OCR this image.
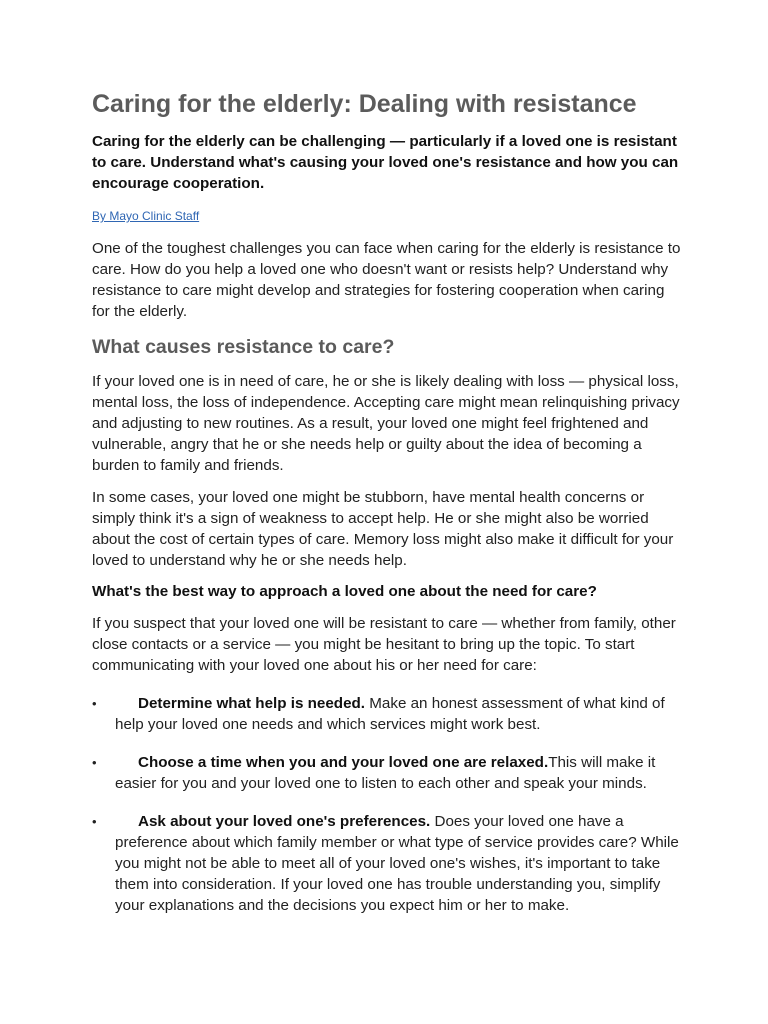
Caring for the elderly: Dealing with resistance

Caring for the elderly can be challenging — particularly if a loved one is resistant to care. Understand what's causing your loved one's resistance and how you can encourage cooperation.

By Mayo Clinic Staff

One of the toughest challenges you can face when caring for the elderly is resistance to care. How do you help a loved one who doesn't want or resists help? Understand why resistance to care might develop and strategies for fostering cooperation when caring for the elderly.

What causes resistance to care?

If your loved one is in need of care, he or she is likely dealing with loss — physical loss, mental loss, the loss of independence. Accepting care might mean relinquishing privacy and adjusting to new routines. As a result, your loved one might feel frightened and vulnerable, angry that he or she needs help or guilty about the idea of becoming a burden to family and friends.

In some cases, your loved one might be stubborn, have mental health concerns or simply think it's a sign of weakness to accept help. He or she might also be worried about the cost of certain types of care. Memory loss might also make it difficult for your loved to understand why he or she needs help.

What's the best way to approach a loved one about the need for care?

If you suspect that your loved one will be resistant to care — whether from family, other close contacts or a service — you might be hesitant to bring up the topic. To start communicating with your loved one about his or her need for care:

•	Determine what help is needed. Make an honest assessment of what kind of help your loved one needs and which services might work best.

•	Choose a time when you and your loved one are relaxed.This will make it easier for you and your loved one to listen to each other and speak your minds.

•	Ask about your loved one's preferences. Does your loved one have a preference about which family member or what type of service provides care? While you might not be able to meet all of your loved one's wishes, it's important to take them into consideration. If your loved one has trouble understanding you, simplify your explanations and the decisions you expect him or her to make.
